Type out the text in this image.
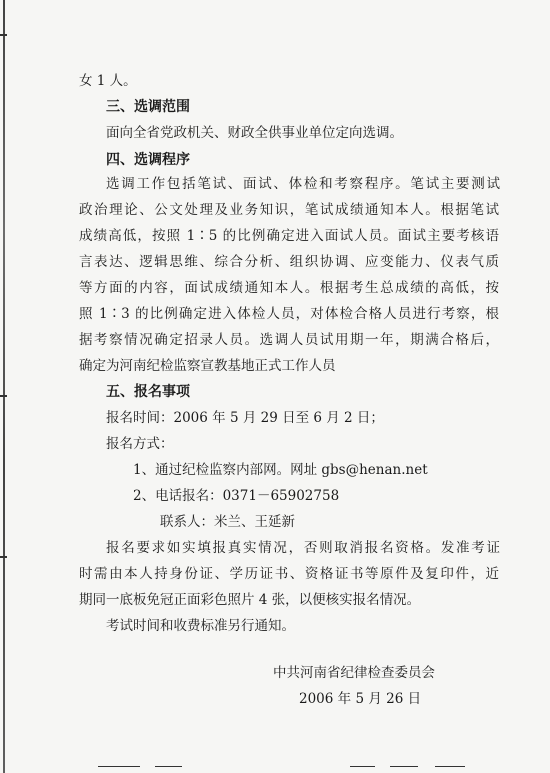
女 1 人。
三、选调范围
面向全省党政机关、财政全供事业单位定向选调。
四、选调程序
选调工作包括笔试、面试、体检和考察程序。笔试主要测试
政治理论、公文处理及业务知识，笔试成绩通知本人。根据笔试
成绩高低，按照 1∶5 的比例确定进入面试人员。面试主要考核语
言表达、逻辑思维、综合分析、组织协调、应变能力、仪表气质
等方面的内容，面试成绩通知本人。根据考生总成绩的高低，按
照 1∶3 的比例确定进入体检人员，对体检合格人员进行考察，根
据考察情况确定招录人员。选调人员试用期一年，期满合格后，
确定为河南纪检监察宣教基地正式工作人员
五、报名事项
报名时间：2006 年 5 月 29 日至 6 月 2 日；
报名方式：
1、通过纪检监察内部网。网址 gbs@henan.net
2、电话报名：0371－65902758
联系人：米兰、王延新
报名要求如实填报真实情况，否则取消报名资格。发准考证
时需由本人持身份证、学历证书、资格证书等原件及复印件，近
期同一底板免冠正面彩色照片 4 张，以便核实报名情况。
考试时间和收费标准另行通知。
中共河南省纪律检查委员会
2006 年 5 月 26 日
